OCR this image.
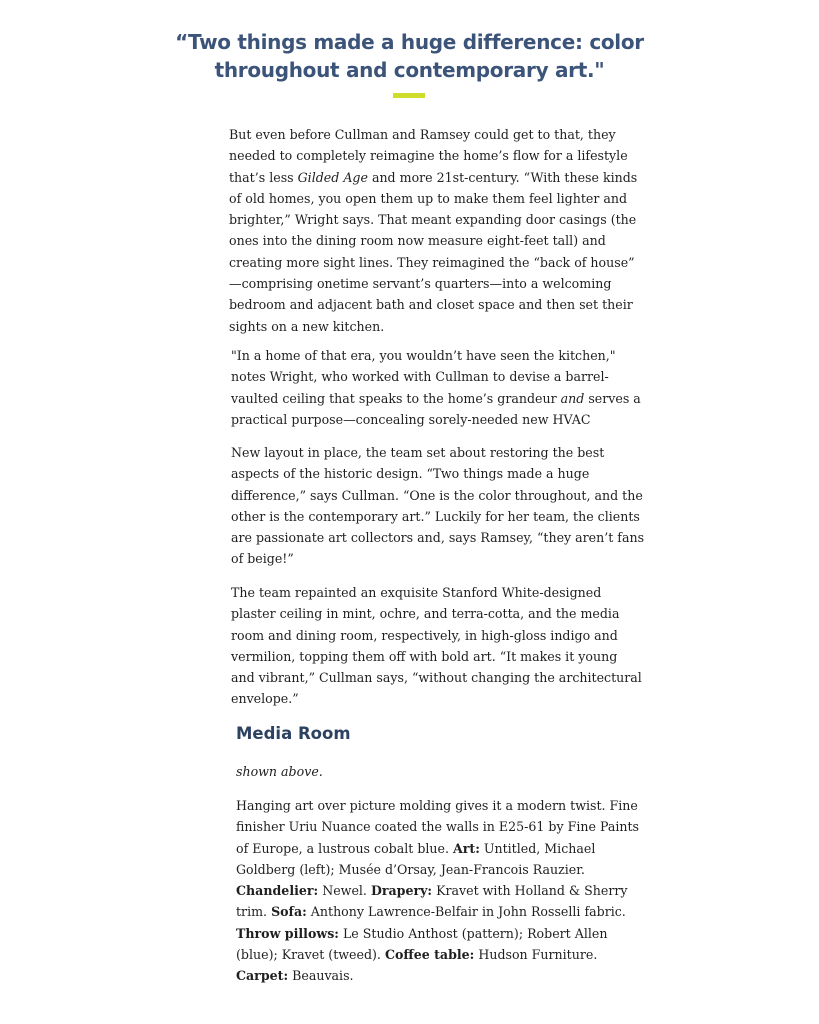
“Two things made a huge difference: color
throughout and contemporary art."

But even before Cullman and Ramsey could get to that, they
needed to completely reimagine the home’s flow for a lifestyle
that’s less Gilded Age and more 21st-century. “With these kinds
of old homes, you open them up to make them feel lighter and
brighter,” Wright says. That meant expanding door casings (the
ones into the dining room now measure eight-feet tall) and
creating more sight lines. They reimagined the “back of house”
—comprising onetime servant’s quarters—into a welcoming
bedroom and adjacent bath and closet space and then set their
sights on a new kitchen.

"In a home of that era, you wouldn’t have seen the kitchen,"
notes Wright, who worked with Cullman to devise a barrel-
vaulted ceiling that speaks to the home’s grandeur and serves a
practical purpose—concealing sorely-needed new HVAC

New layout in place, the team set about restoring the best
aspects of the historic design. “Two things made a huge
difference,” says Cullman. “One is the color throughout, and the
other is the contemporary art.” Luckily for her team, the clients
are passionate art collectors and, says Ramsey, “they aren’t fans
of beige!”

The team repainted an exquisite Stanford White-designed
plaster ceiling in mint, ochre, and terra-cotta, and the media
room and dining room, respectively, in high-gloss indigo and
vermilion, topping them off with bold art. “It makes it young
and vibrant,” Cullman says, “without changing the architectural
envelope.”

Media Room

shown above.

Hanging art over picture molding gives it a modern twist. Fine
finisher Uriu Nuance coated the walls in E25-61 by Fine Paints
of Europe, a lustrous cobalt blue. Art: Untitled, Michael
Goldberg (left); Musée d’Orsay, Jean-Francois Rauzier.
Chandelier: Newel. Drapery: Kravet with Holland & Sherry
trim. Sofa: Anthony Lawrence-Belfair in John Rosselli fabric.
Throw pillows: Le Studio Anthost (pattern); Robert Allen
(blue); Kravet (tweed). Coffee table: Hudson Furniture.
Carpet: Beauvais.
